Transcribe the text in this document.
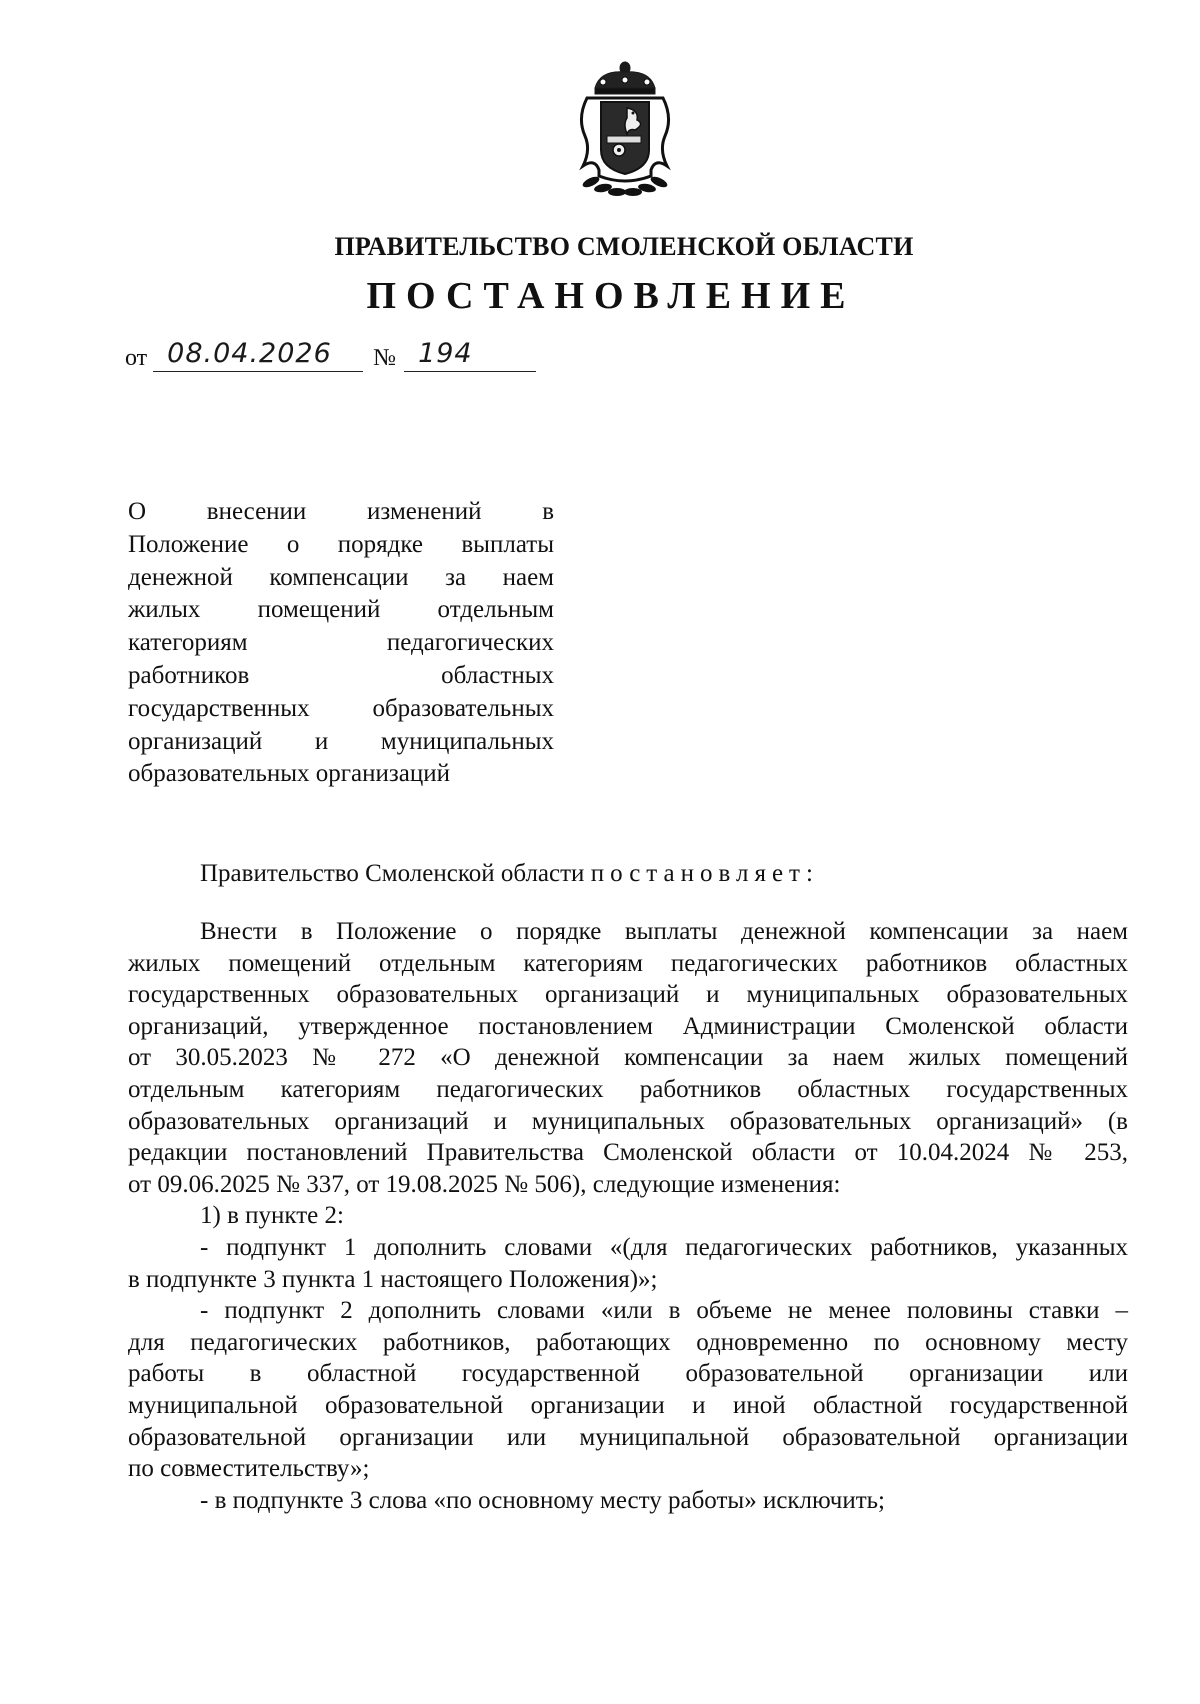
ПРАВИТЕЛЬСТВО СМОЛЕНСКОЙ ОБЛАСТИ
ПОСТАНОВЛЕНИЕ
от 08.04.2026 № 194
О внесении изменений в
Положение о порядке выплаты
денежной компенсации за наем
жилых помещений отдельным
категориям педагогических
работников областных
государственных образовательных
организаций и муниципальных
образовательных организаций
Правительство Смоленской области постановляет:
Внести в Положение о порядке выплаты денежной компенсации за наем
жилых помещений отдельным категориям педагогических работников областных
государственных образовательных организаций и муниципальных образовательных
организаций, утвержденное постановлением Администрации Смоленской области
от 30.05.2023 № 272 «О денежной компенсации за наем жилых помещений
отдельным категориям педагогических работников областных государственных
образовательных организаций и муниципальных образовательных организаций» (в
редакции постановлений Правительства Смоленской области от 10.04.2024 № 253,
от 09.06.2025 № 337, от 19.08.2025 № 506), следующие изменения:
1) в пункте 2:
- подпункт 1 дополнить словами «(для педагогических работников, указанных
в подпункте 3 пункта 1 настоящего Положения)»;
- подпункт 2 дополнить словами «или в объеме не менее половины ставки –
для педагогических работников, работающих одновременно по основному месту
работы в областной государственной образовательной организации или
муниципальной образовательной организации и иной областной государственной
образовательной организации или муниципальной образовательной организации
по совместительству»;
- в подпункте 3 слова «по основному месту работы» исключить;
